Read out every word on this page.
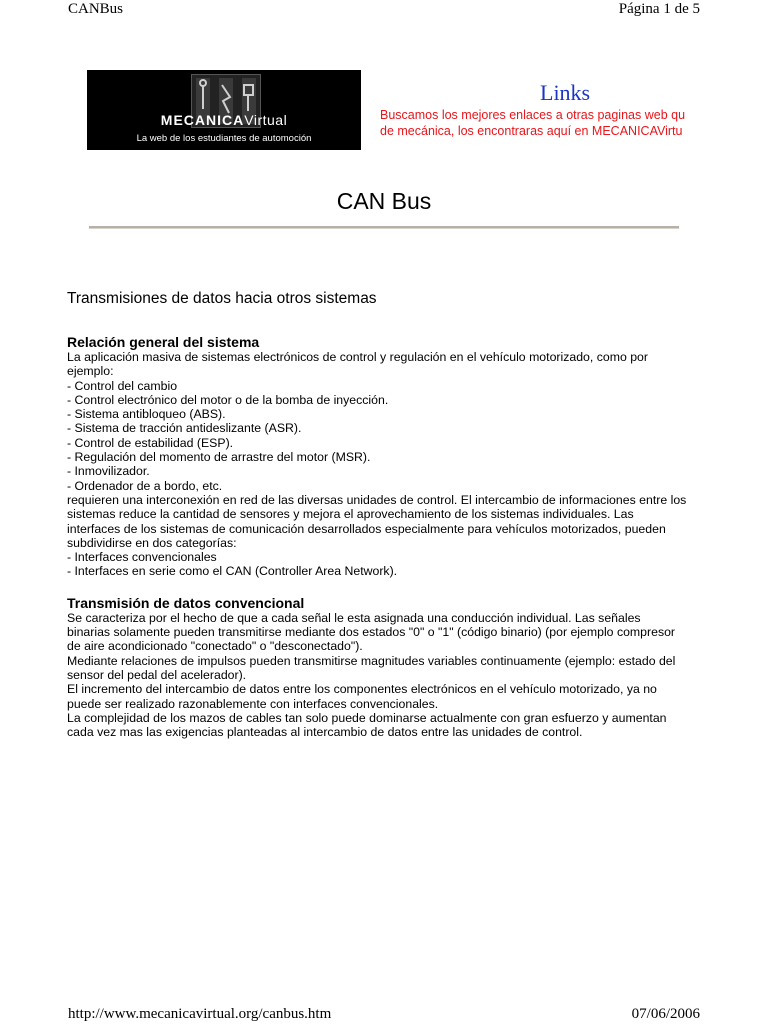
CANBus	Página 1 de 5
MECANICAVirtual
La web de los estudiantes de automoción
Links
Buscamos los mejores enlaces a otras paginas web qu
de mecánica, los encontraras aquí en MECANICAVirtu
CAN Bus
Transmisiones de datos hacia otros sistemas
Relación general del sistema
La aplicación masiva de sistemas electrónicos de control y regulación en el vehículo motorizado, como por
ejemplo:
- Control del cambio
- Control electrónico del motor o de la bomba de inyección.
- Sistema antibloqueo (ABS).
- Sistema de tracción antideslizante (ASR).
- Control de estabilidad (ESP).
- Regulación del momento de arrastre del motor (MSR).
- Inmovilizador.
- Ordenador de a bordo, etc.
requieren una interconexión en red de las diversas unidades de control. El intercambio de informaciones entre los
sistemas reduce la cantidad de sensores y mejora el aprovechamiento de los sistemas individuales. Las
interfaces de los sistemas de comunicación desarrollados especialmente para vehículos motorizados, pueden
subdividirse en dos categorías:
- Interfaces convencionales
- Interfaces en serie como el CAN (Controller Area Network).
Transmisión de datos convencional
Se caracteriza por el hecho de que a cada señal le esta asignada una conducción individual. Las señales
binarias solamente pueden transmitirse mediante dos estados "0" o "1" (código binario) (por ejemplo compresor
de aire acondicionado "conectado" o "desconectado").
Mediante relaciones de impulsos pueden transmitirse magnitudes variables continuamente (ejemplo: estado del
sensor del pedal del acelerador).
El incremento del intercambio de datos entre los componentes electrónicos en el vehículo motorizado, ya no
puede ser realizado razonablemente con interfaces convencionales.
La complejidad de los mazos de cables tan solo puede dominarse actualmente con gran esfuerzo y aumentan
cada vez mas las exigencias planteadas al intercambio de datos entre las unidades de control.
http://www.mecanicavirtual.org/canbus.htm	07/06/2006
